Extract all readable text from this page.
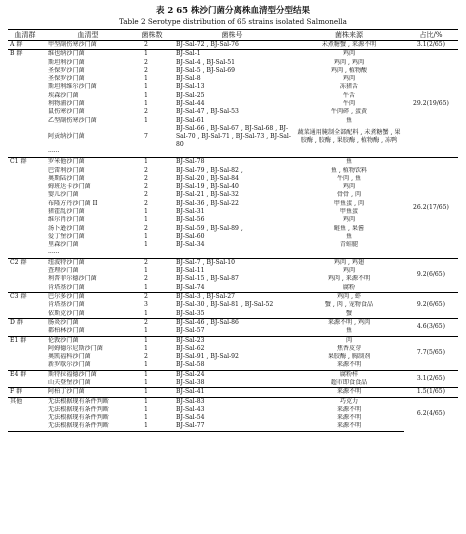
表 2 65 株沙门菌分离株血清型分型结果
Table 2 Serotype distribution of 65 strains isolated Salmonella
血清群	血清型	菌株数	菌株号	菌株来源	占比/%
A 群	甲型副伤寒沙门菌	2	BJ-Sal-72 , BJ-Sal-76	未煮糖蟹 , 来源不明	3.1(2/65)
B 群	维也纳沙门菌	1	BJ-Sal-1	鸡肉	29.2(19/65)
	斯坦利沙门菌	2	BJ-Sal-4 , BJ-Sal-51	鸡肉 , 鸡肉	
	圣保罗沙门菌	2	BJ-Sal-5 , BJ-Sal-69	鸡肉 , 植物酸	
	圣保罗沙门菌	1	BJ-Sal-8	鸡肉	
	斯坦利维尔沙门菌	1	BJ-Sal-13	冻猪舌	
	埃森沙门菌	1	BJ-Sal-25	牛舌	
	利物浦沙门菌	1	BJ-Sal-44	牛肉	
	鼠伤寒沙门菌	2	BJ-Sal-47 , BJ-Sal-53	牛肉碎 , 蛋黄	
	乙型副伤寒沙门菌	1	BJ-Sal-61	鱼	
	阿贡纳沙门菌	7	BJ-Sal-66 , BJ-Sal-67 , BJ-Sal-68 , BJ-Sal-70 , BJ-Sal-71 , BJ-Sal-73 , BJ-Sal-80	蔬菜通用腌制全部配料 , 未煮糖蟹 , 果胶酶 , 胶酶 , 果胶酶 , 植物酶 , 冻鸭	
	······				
C1 群	罗米他沙门菌	1	BJ-Sal-78	鱼	26.2(17/65)
	巴雷利沙门菌	2	BJ-Sal-79 , BJ-Sal-82 ,	鱼 , 植物饮料	
	奥斯陆沙门菌	2	BJ-Sal-20 , BJ-Sal-84	牛肉 , 鱼	
	姆班达卡沙门菌	2	BJ-Sal-19 , BJ-Sal-40	鸡肉	
	婴儿沙门菌	2	BJ-Sal-21 , BJ-Sal-32	骨骨 , 肉	
	布隆方丹沙门菌 II	2	BJ-Sal-36 , BJ-Sal-22	甲鱼蛋 , 肉	
	猪霍乱沙门菌	1	BJ-Sal-31	甲鱼蛋	
	维尔肖沙门菌	1	BJ-Sal-56	鸡肉	
	汤卜逊沙门菌	2	BJ-Sal-59 , BJ-Sal-89 ,	鲢鱼 , 果酱	
	爱丁堡沙门菌	1	BJ-Sal-60	鱼	
	里森沙门菌	1	BJ-Sal-34	青蛙腿	
	······				
C2 群	纽波特沙门菌	2	BJ-Sal-7 , BJ-Sal-10	鸡肉 , 鸡翅	9.2(6/65)
	查理沙门菌	1	BJ-Sal-11	鸡肉	
	利普菲尔德沙门菌	2	BJ-Sal-15 , BJ-Sal-87	鸡肉 , 来源不明	
	肯塔基沙门菌	1	BJ-Sal-74	腐粉	
C3 群	巴尔多沙门菌	2	BJ-Sal-3 , BJ-Sal-27	鸡肉 , 虾	9.2(6/65)
	肯塔基沙门菌	3	BJ-Sal-30 , BJ-Sal-81 , BJ-Sal-52	蟹 , 肉 , 宠物食品	
	依斯克沙门菌	1	BJ-Sal-35	蟹	
D 群	肠炎沙门菌	2	BJ-Sal-46 , BJ-Sal-86	来源不明 , 鸡肉	4.6(3/65)
	都柏林沙门菌	1	BJ-Sal-57	鱼	
E1 群	伦敦沙门菌	1	BJ-Sal-23	肉	7.7(5/65)
	阿姆德尔尼斯沙门菌	1	BJ-Sal-62	焦香皮芽	
	奥凯福科沙门菌	2	BJ-Sal-91 , BJ-Sal-92	果胶酶 , 胸制剂	
	新罗歇尔沙门菌	1	BJ-Sal-58	来源不明	
E4 群	斯特拉福德沙门菌	1	BJ-Sal-24	腐粉样	3.1(2/65)
	山夫登堡沙门菌	1	BJ-Sal-38	超市即食食品	
F 群	阿柏丁沙门菌	1	BJ-Sal-41	来源不明	1.5(1/65)
其他	无法根据现有条件判断	1	BJ-Sal-83	巧克力	6.2(4/65)
	无法根据现有条件判断	1	BJ-Sal-43	来源不明	
	无法根据现有条件判断	1	BJ-Sal-54	来源不明	
	无法根据现有条件判断	1	BJ-Sal-77	来源不明	
